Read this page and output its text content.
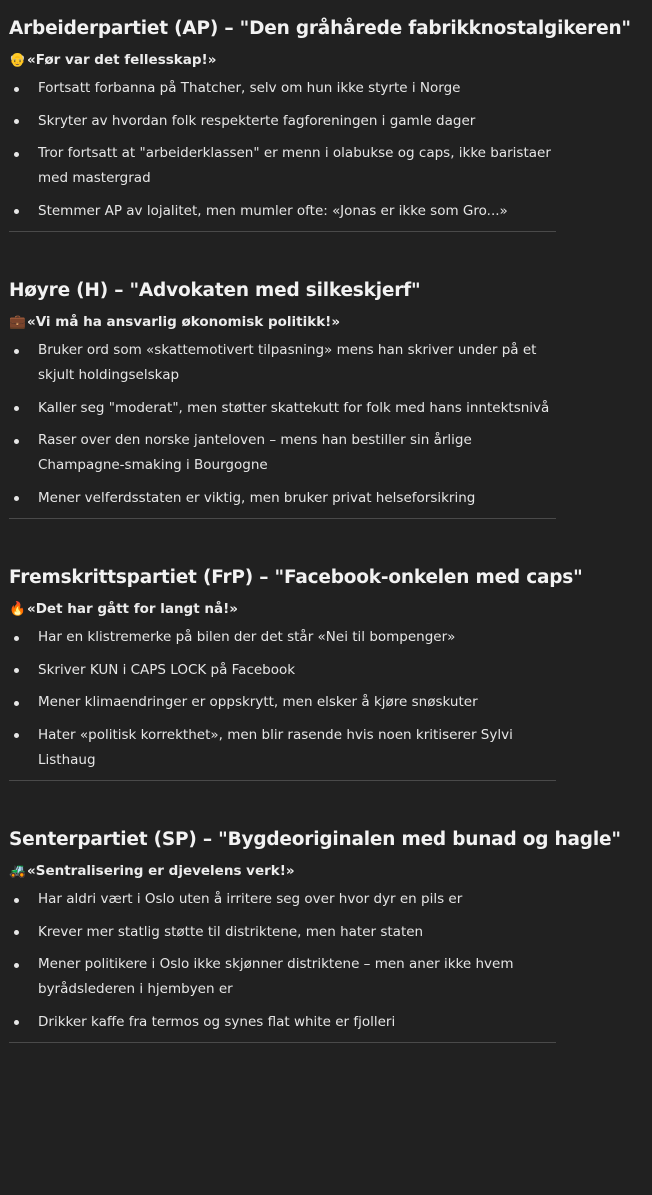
Arbeiderpartiet (AP) – "Den gråhårede fabrikknostalgikeren"
👴«Før var det fellesskap!»
Fortsatt forbanna på Thatcher, selv om hun ikke styrte i Norge
Skryter av hvordan folk respekterte fagforeningen i gamle dager
Tror fortsatt at "arbeiderklassen" er menn i olabukse og caps, ikke baristaer med mastergrad
Stemmer AP av lojalitet, men mumler ofte: «Jonas er ikke som Gro...»
Høyre (H) – "Advokaten med silkeskjerf"
💼«Vi må ha ansvarlig økonomisk politikk!»
Bruker ord som «skattemotivert tilpasning» mens han skriver under på et skjult holdingselskap
Kaller seg "moderat", men støtter skattekutt for folk med hans inntektsnivå
Raser over den norske janteloven – mens han bestiller sin årlige Champagne-smaking i Bourgogne
Mener velferdsstaten er viktig, men bruker privat helseforsikring
Fremskrittspartiet (FrP) – "Facebook-onkelen med caps"
🔥«Det har gått for langt nå!»
Har en klistremerke på bilen der det står «Nei til bompenger»
Skriver KUN i CAPS LOCK på Facebook
Mener klimaendringer er oppskrytt, men elsker å kjøre snøskuter
Hater «politisk korrekthet», men blir rasende hvis noen kritiserer Sylvi Listhaug
Senterpartiet (SP) – "Bygdeoriginalen med bunad og hagle"
🚜«Sentralisering er djevelens verk!»
Har aldri vært i Oslo uten å irritere seg over hvor dyr en pils er
Krever mer statlig støtte til distriktene, men hater staten
Mener politikere i Oslo ikke skjønner distriktene – men aner ikke hvem byrådslederen i hjembyen er
Drikker kaffe fra termos og synes flat white er fjolleri
